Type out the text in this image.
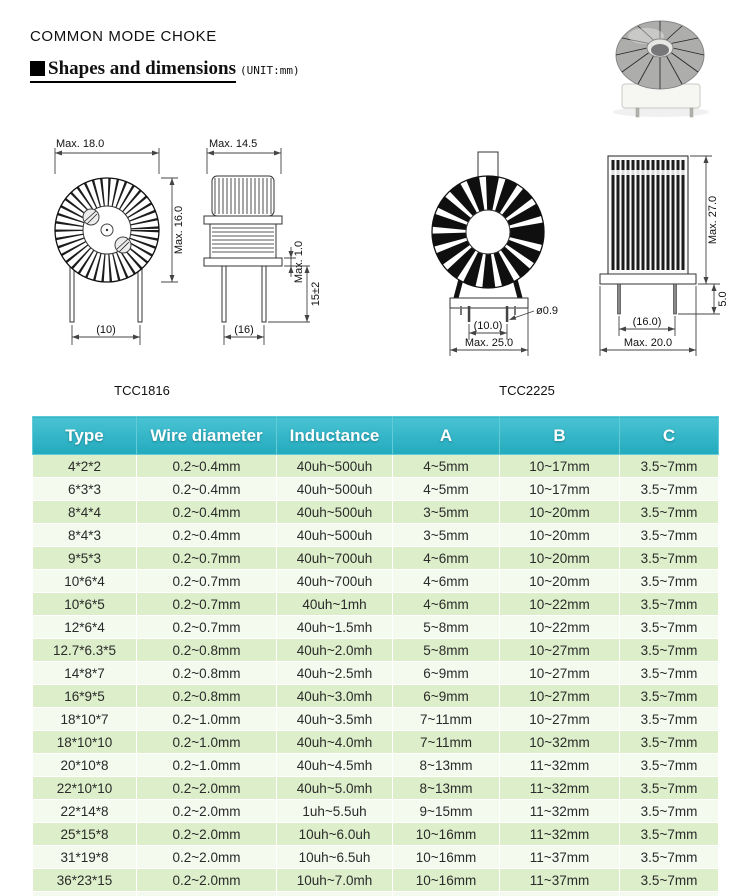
COMMON MODE CHOKE
Shapes and dimensions (UNIT:mm)
Max. 18.0
Max. 16.0
(10)
Max. 14.5
Max. 1.0
15±2
(16)
TCC1816
(10.0)
Max. 25.0
ø0.9
Max. 27.0
5.0
(16.0)
Max. 20.0
TCC2225
Type	Wire diameter	Inductance	A	B	C
4*2*2	0.2~0.4mm	40uh~500uh	4~5mm	10~17mm	3.5~7mm
6*3*3	0.2~0.4mm	40uh~500uh	4~5mm	10~17mm	3.5~7mm
8*4*4	0.2~0.4mm	40uh~500uh	3~5mm	10~20mm	3.5~7mm
8*4*3	0.2~0.4mm	40uh~500uh	3~5mm	10~20mm	3.5~7mm
9*5*3	0.2~0.7mm	40uh~700uh	4~6mm	10~20mm	3.5~7mm
10*6*4	0.2~0.7mm	40uh~700uh	4~6mm	10~20mm	3.5~7mm
10*6*5	0.2~0.7mm	40uh~1mh	4~6mm	10~22mm	3.5~7mm
12*6*4	0.2~0.7mm	40uh~1.5mh	5~8mm	10~22mm	3.5~7mm
12.7*6.3*5	0.2~0.8mm	40uh~2.0mh	5~8mm	10~27mm	3.5~7mm
14*8*7	0.2~0.8mm	40uh~2.5mh	6~9mm	10~27mm	3.5~7mm
16*9*5	0.2~0.8mm	40uh~3.0mh	6~9mm	10~27mm	3.5~7mm
18*10*7	0.2~1.0mm	40uh~3.5mh	7~11mm	10~27mm	3.5~7mm
18*10*10	0.2~1.0mm	40uh~4.0mh	7~11mm	10~32mm	3.5~7mm
20*10*8	0.2~1.0mm	40uh~4.5mh	8~13mm	11~32mm	3.5~7mm
22*10*10	0.2~2.0mm	40uh~5.0mh	8~13mm	11~32mm	3.5~7mm
22*14*8	0.2~2.0mm	1uh~5.5uh	9~15mm	11~32mm	3.5~7mm
25*15*8	0.2~2.0mm	10uh~6.0uh	10~16mm	11~32mm	3.5~7mm
31*19*8	0.2~2.0mm	10uh~6.5uh	10~16mm	11~37mm	3.5~7mm
36*23*15	0.2~2.0mm	10uh~7.0mh	10~16mm	11~37mm	3.5~7mm
